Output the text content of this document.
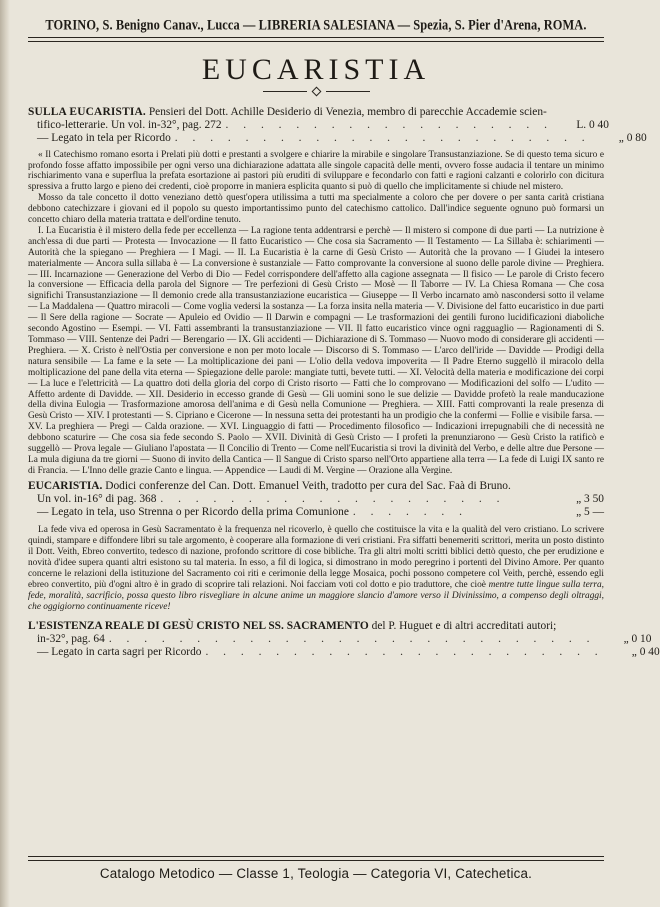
TORINO, S. Benigno Canav., Lucca — LIBRERIA SALESIANA — Spezia, S. Pier d'Arena, ROMA.
EUCARISTIA
SULLA EUCARISTIA. Pensieri del Dott. Achille Desiderio di Venezia, membro di parecchie Accademie scien-
tifico-letterarie. Un vol. in-32°, pag. 272 . . . . . . . . . . . . . . . . . . .	L. 0 40
— Legato in tela per Ricordo . . . . . . . . . . . . . . . . . . . . . . . .	„ 0 80

« Il Catechismo romano esorta i Prelati più dotti e prestanti a svolgere e chiarire la mirabile e singolare Transustanziazione. Se di questo tema sicuro e profondo fosse affatto impossibile per ogni verso una dichiarazione adattata alle singole capacità delle menti, ovvero fosse audacia il tentare un minimo rischiarimento vana e superflua la prefata esortazione ai pastori più eruditi di sviluppare e fecondarlo con fatti e ragioni calzanti e colorirlo con dicitura spressiva a frutto largo e pieno dei credenti, cioè proporre in maniera esplicita quanto si può di quello che implicitamente si chiude nel mistero.

Mosso da tale concetto il dotto veneziano dettò quest'opera utilissima a tutti ma specialmente a coloro che per dovere o per santa carità cristiana debbono catechizzare i giovani ed il popolo su questo importantissimo punto del catechismo cattolico. Dall'indice seguente ognuno può formarsi un concetto chiaro della materia trattata e dell'ordine tenuto.

I. La Eucaristia è il mistero della fede per eccellenza — La ragione tenta addentrarsi e perchè — Il mistero si compone di due parti — La nutrizione è anch'essa di due parti — Protesta — Invocazione — Il fatto Eucaristico — Che cosa sia Sacramento — Il Testamento — La Sillaba è: schiarimenti — Autorità che la spiegano — Preghiera — I Magi. — II. La Eucaristia è la carne di Gesù Cristo — Autorità che la provano — I Giudei la intesero materialmente — Ancora sulla sillaba è — La conversione è sustanziale — Fatto comprovante la conversione al suono delle parole divine — Preghiera. — III. Incarnazione — Generazione del Verbo di Dio — Fedel corrispondere dell'affetto alla cagione assegnata — Il fisico — Le parole di Cristo fecero la conversione — Efficacia della parola del Signore — Tre perfezioni di Gesù Cristo — Mosè — Il Taborre — IV. La Chiesa Romana — Che cosa significhi Transustanziazione — Il demonio crede alla transustanziazione eucaristica — Giuseppe — Il Verbo incarnato amò nascondersi sotto il velame — La Maddalena — Quattro miracoli — Come voglia vedersi la sostanza — La forza insita nella materia — V. Divisione del fatto eucaristico in due parti — Il Sere della ragione — Socrate — Apuleio ed Ovidio — Il Darwin e compagni — Le trasformazioni dei gentili furono lucidificazioni diaboliche secondo Agostino — Esempi. — VI. Fatti assembranti la transustanziazione — VII. Il fatto eucaristico vince ogni ragguaglio — Ragionamenti di S. Tommaso — VIII. Sentenze dei Padri — Berengario — IX. Gli accidenti — Dichiarazione di S. Tommaso — Nuovo modo di considerare gli accidenti — Preghiera. — X. Cristo è nell'Ostia per conversione e non per moto locale — Discorso di S. Tommaso — L'arco dell'iride — Davidde — Prodigi della natura sensibile — La fame e la sete — La moltiplicazione dei pani — L'olio della vedova impoverita — Il Padre Eterno suggellò il miracolo della moltiplicazione del pane della vita eterna — Spiegazione delle parole: mangiate tutti, bevete tutti. — XI. Velocità della materia e modificazione dei corpi — La luce e l'elettricità — La quattro doti della gloria del corpo di Cristo risorto — Fatti che lo comprovano — Modificazioni del solfo — L'udito — Affetto ardente di Davidde. — XII. Desiderio in eccesso grande di Gesù — Gli uomini sono le sue delizie — Davidde profetò la reale manducazione della divina Eulogia — Trasformazione amorosa dell'anima e di Gesù nella Comunione — Preghiera. — XIII. Fatti comprovanti la reale presenza di Gesù Cristo — XIV. I protestanti — S. Cipriano e Cicerone — In nessuna setta dei protestanti ha un prodigio che la confermi — Follie e visibile farsa. — XV. La preghiera — Pregi — Calda orazione. — XVI. Linguaggio di fatti — Procedimento filosofico — Indicazioni irrepugnabili che di necessità ne debbono scaturire — Che cosa sia fede secondo S. Paolo — XVII. Divinità di Gesù Cristo — I profeti la prenunziarono — Gesù Cristo la ratificò e suggellò — Prova legale — Giuliano l'apostata — Il Concilio di Trento — Come nell'Eucaristia si trovi la divinità del Verbo, e delle altre due Persone — La mula digiuna da tre giorni — Suono di invito della Cantica — Il Sangue di Cristo sparso nell'Orto appartiene alla terra — La fede di Luigi IX santo re di Francia. — L'Inno delle grazie Canto e lingua. — Appendice — Laudi di M. Vergine — Orazione alla Vergine.

EUCARISTIA. Dodici conferenze del Can. Dott. Emanuel Veith, tradotto per cura del Sac. Faà di Bruno.
Un vol. in-16° di pag. 368 . . . . . . . . . . . . . . . . . . . .	„ 3 50
— Legato in tela, uso Strenna o per Ricordo della prima Comunione . . . . . . .	„ 5 —

La fede viva ed operosa in Gesù Sacramentato è la frequenza nel ricoverlo, è quello che costituisce la vita e la qualità del vero cristiano. Lo scrivere quindi, stampare e diffondere libri su tale argomento, è cooperare alla formazione di veri cristiani. Fra siffatti benemeriti scrittori, merita un posto distinto il Dott. Veith, Ebreo convertito, tedesco di nazione, profondo scrittore di cose bibliche. Tra gli altri molti scritti biblici dettò questo, che per erudizione e novità d'idee supera quanti altri esistono su tal materia. In esso, a fil di logica, si dimostrano in modo peregrino i portenti del Divino Amore. Per quanto concerne le relazioni della istituzione del Sacramento coi riti e cerimonie della legge Mosaica, pochi possono competere col Veith, perchè, essendo egli ebreo convertito, più d'ogni altro è in grado di scoprire tali relazioni. Noi facciam voti col dotto e pio traduttore, che cioè mentre tutte lingue sulla terra, fede, moralità, sacrificio, possa questo libro risvegliare in alcune anime un maggiore slancio d'amore verso il Divinissimo, a compenso degli oltraggi, che oggigiorno continuamente riceve!

L'ESISTENZA REALE DI GESÙ CRISTO NEL SS. SACRAMENTO del P. Huguet e di altri accreditati autori;
in-32°, pag. 64 . . . . . . . . . . . . . . . . . . . . . . . . . . . .	„ 0 10
— Legato in carta sagri per Ricordo . . . . . . . . . . . . . . . . . . . . . . .	„ 0 40
Catalogo Metodico — Classe 1, Teologia — Categoria VI, Catechetica.
